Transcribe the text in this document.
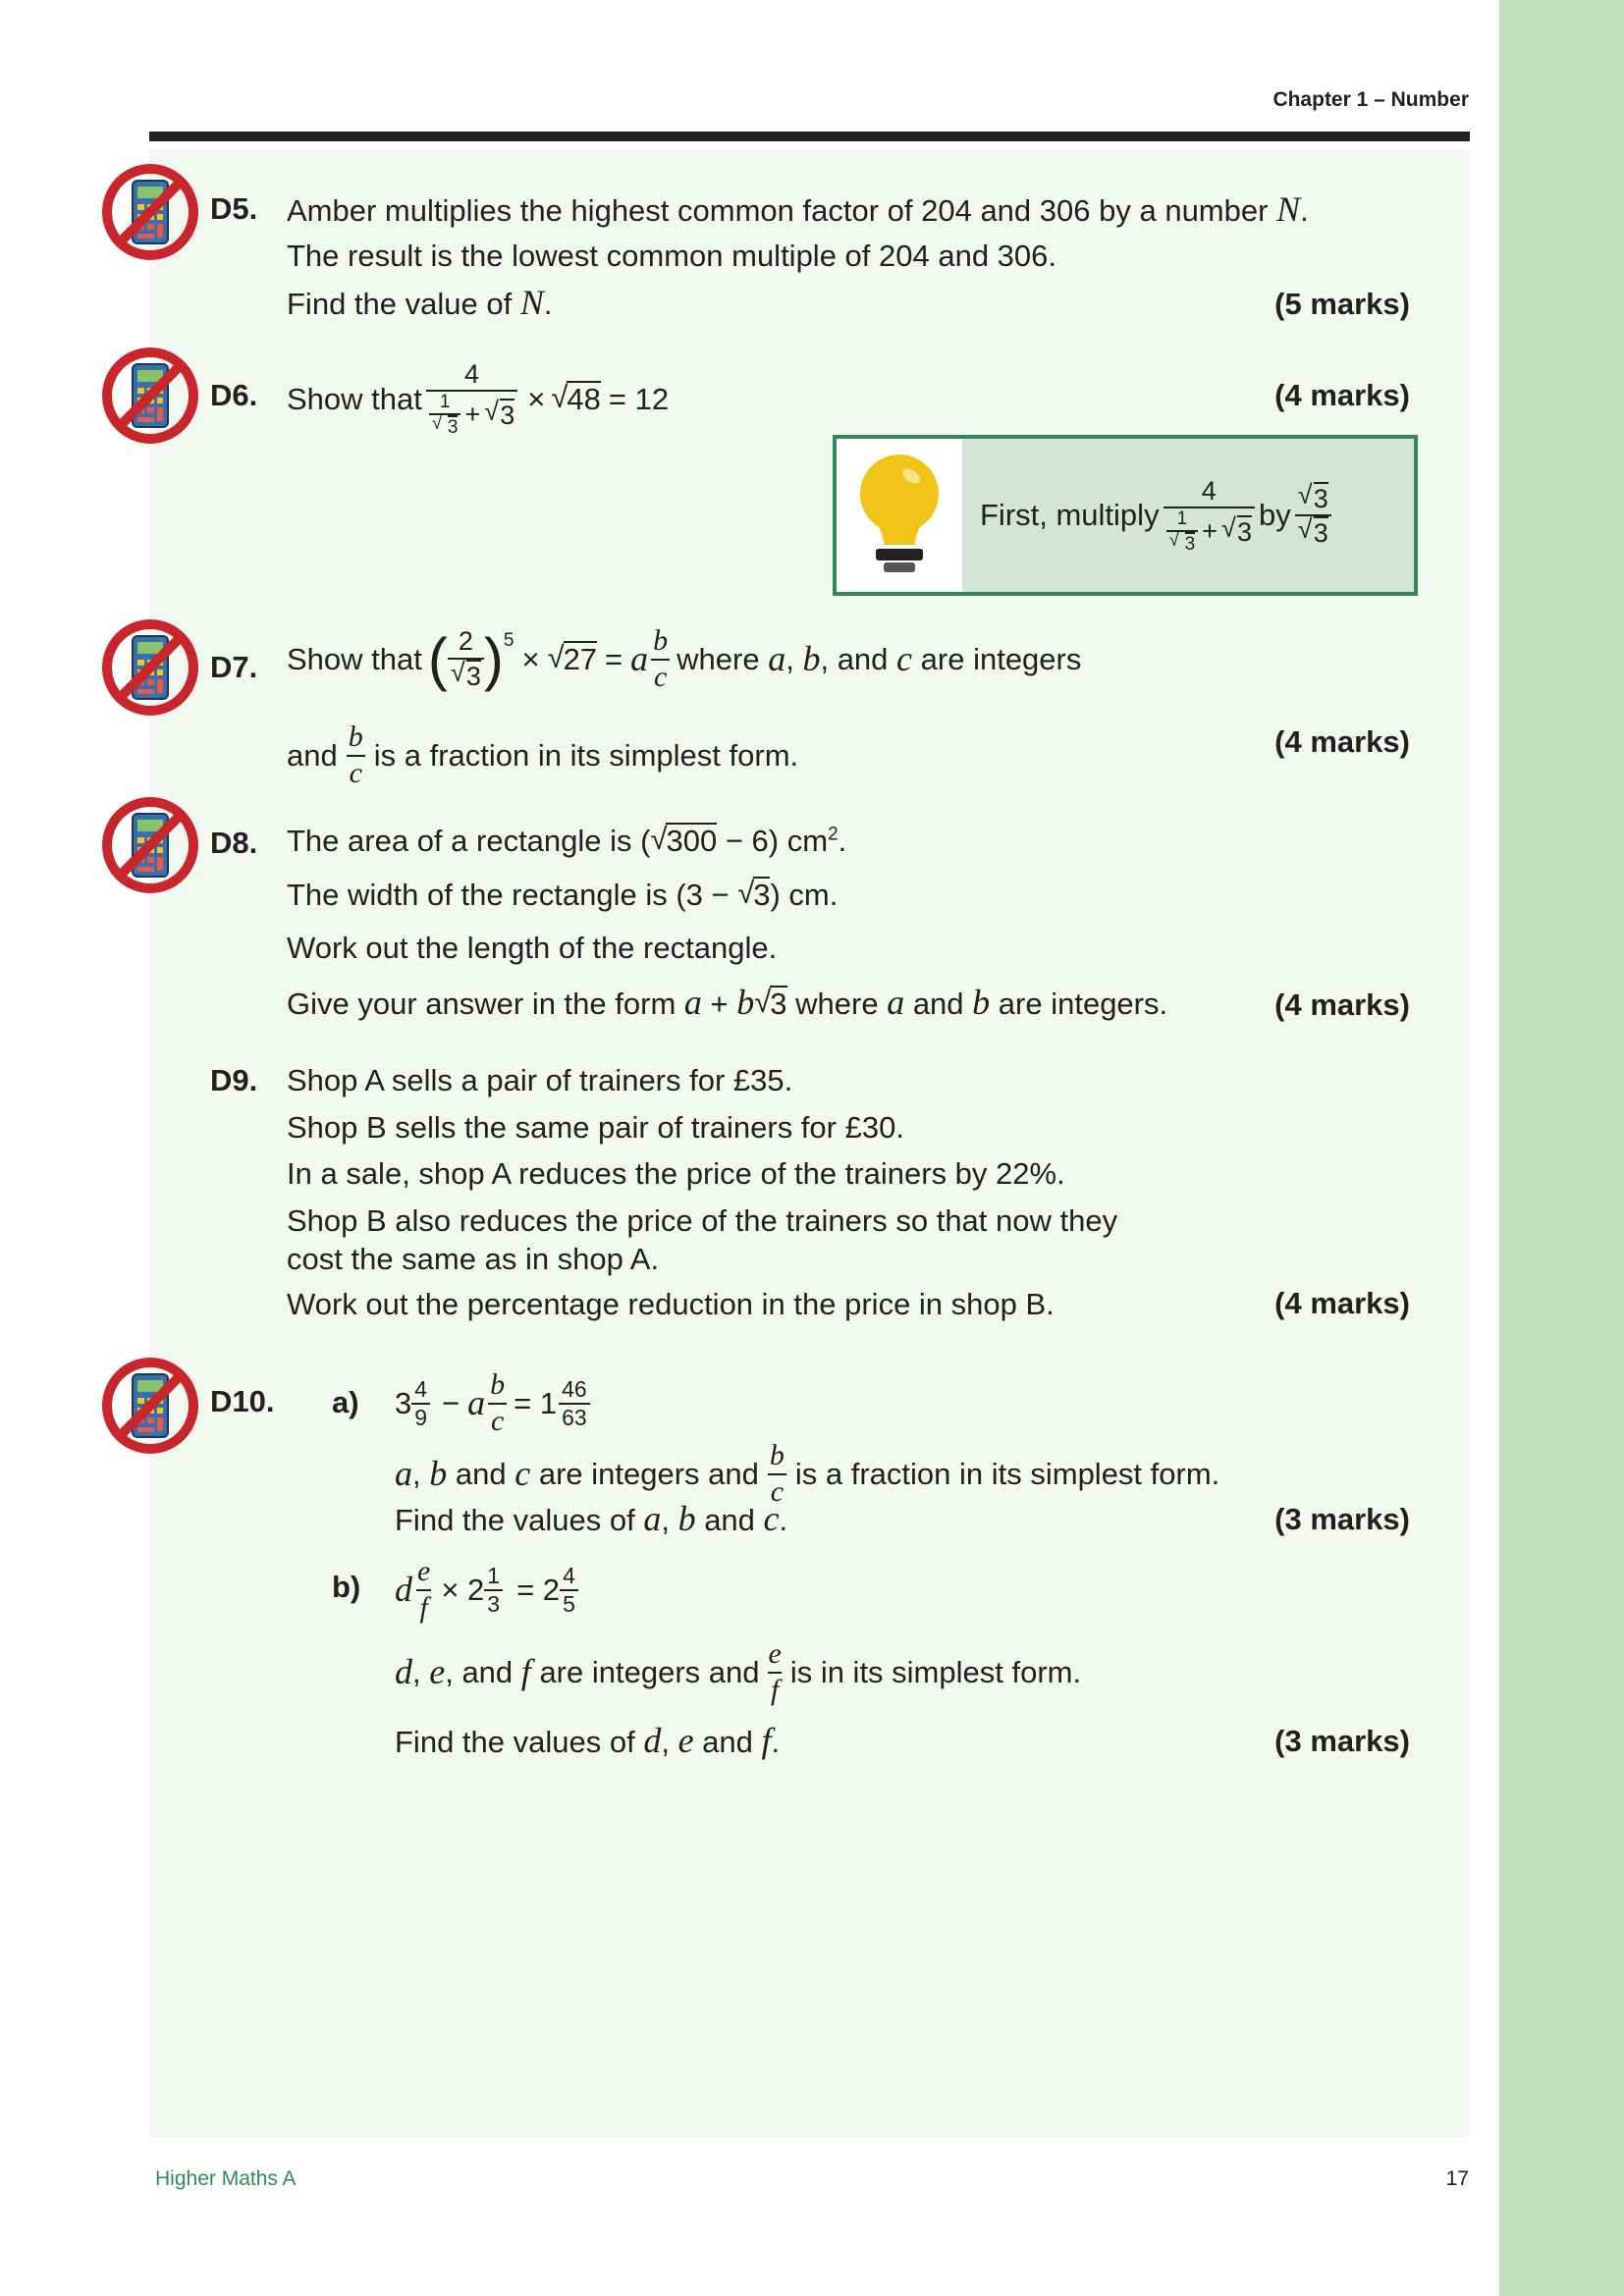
Chapter 1 – Number
D5. Amber multiplies the highest common factor of 204 and 306 by a number N.
The result is the lowest common multiple of 204 and 306.
Find the value of N.	(5 marks)
D6. Show that 4
1
√ 3 + √ 3 × √ 48 = 12	(4 marks)
First, multiply 4
1
√ 3 + √ 3 by √ 3
√ 3
D7. Show that ( 2
√ 3 )$^5$
× √ 27 = a $\frac{b}{c}$ where
a ,
b , and
c
are integers
and $\frac{b}{c}$ is a fraction in its simplest form.	(4 marks)
D8. The area of a rectangle is ( √ 300 − 6) $cm^2$.
The width of the rectangle is (3 − √ 3) cm.
Work out the length of the rectangle.
Give your answer in the form a + b √ 3 where a and b are integers.	(4 marks)
D9. Shop A sells a pair of trainers for £35.
Shop B sells the same pair of trainers for £30.
In a sale, shop A reduces the price of the trainers by 22%.
Shop B also reduces the price of the trainers so that now they
cost the same as in shop A.
Work out the percentage reduction in the price in shop B.	(4 marks)
D10. a) $3 \frac{4}{9} - a \frac{b}{c} = 1 \frac{46}{63}$
a , b
and
c
are integers and $\frac{b}{c}$ is a fraction in its simplest form.
Find the values of a, b and c.	(3 marks)
b) d $\frac{e}{f} \times 2 \frac{1}{3} = 2 \frac{4}{5}$
d , e , and
f
are integers and $\frac{e}{f}$ is in its simplest form.
Find the values of d, e and f.	(3 marks)
Higher Maths A	17
